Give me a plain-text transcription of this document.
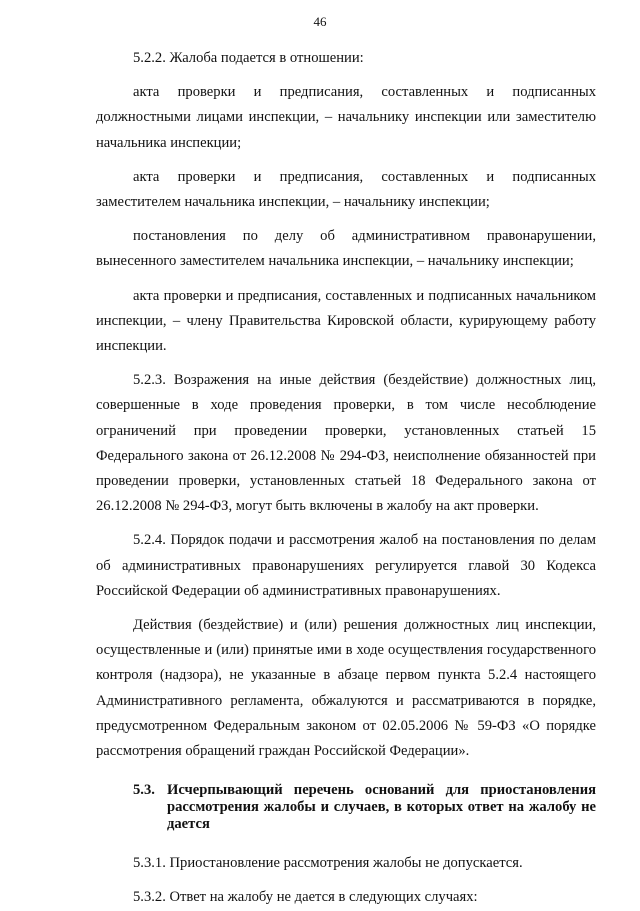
46

5.2.2. Жалоба подается в отношении:

акта проверки и предписания, составленных и подписанных должностными лицами инспекции, – начальнику инспекции или заместителю начальника инспекции;

акта проверки и предписания, составленных и подписанных заместителем начальника инспекции, – начальнику инспекции;

постановления по делу об административном правонарушении, вынесенного заместителем начальника инспекции, – начальнику инспекции;

акта проверки и предписания, составленных и подписанных начальником инспекции, – члену Правительства Кировской области, курирующему работу инспекции.

5.2.3. Возражения на иные действия (бездействие) должностных лиц, совершенные в ходе проведения проверки, в том числе несоблюдение ограничений при проведении проверки, установленных статьей 15 Федерального закона от 26.12.2008 № 294-ФЗ, неисполнение обязанностей при проведении проверки, установленных статьей 18 Федерального закона от 26.12.2008 № 294-ФЗ, могут быть включены в жалобу на акт проверки.

5.2.4. Порядок подачи и рассмотрения жалоб на постановления по делам об административных правонарушениях регулируется главой 30 Кодекса Российской Федерации об административных правонарушениях.

Действия (бездействие) и (или) решения должностных лиц инспекции, осуществленные и (или) принятые ими в ходе осуществления государственного контроля (надзора), не указанные в абзаце первом пункта 5.2.4 настоящего Административного регламента, обжалуются и рассматриваются в порядке, предусмотренном Федеральным законом от 02.05.2006 № 59-ФЗ «О порядке рассмотрения обращений граждан Российской Федерации».

5.3. Исчерпывающий перечень оснований для приостановления рассмотрения жалобы и случаев, в которых ответ на жалобу не дается

5.3.1. Приостановление рассмотрения жалобы не допускается.

5.3.2. Ответ на жалобу не дается в следующих случаях:
